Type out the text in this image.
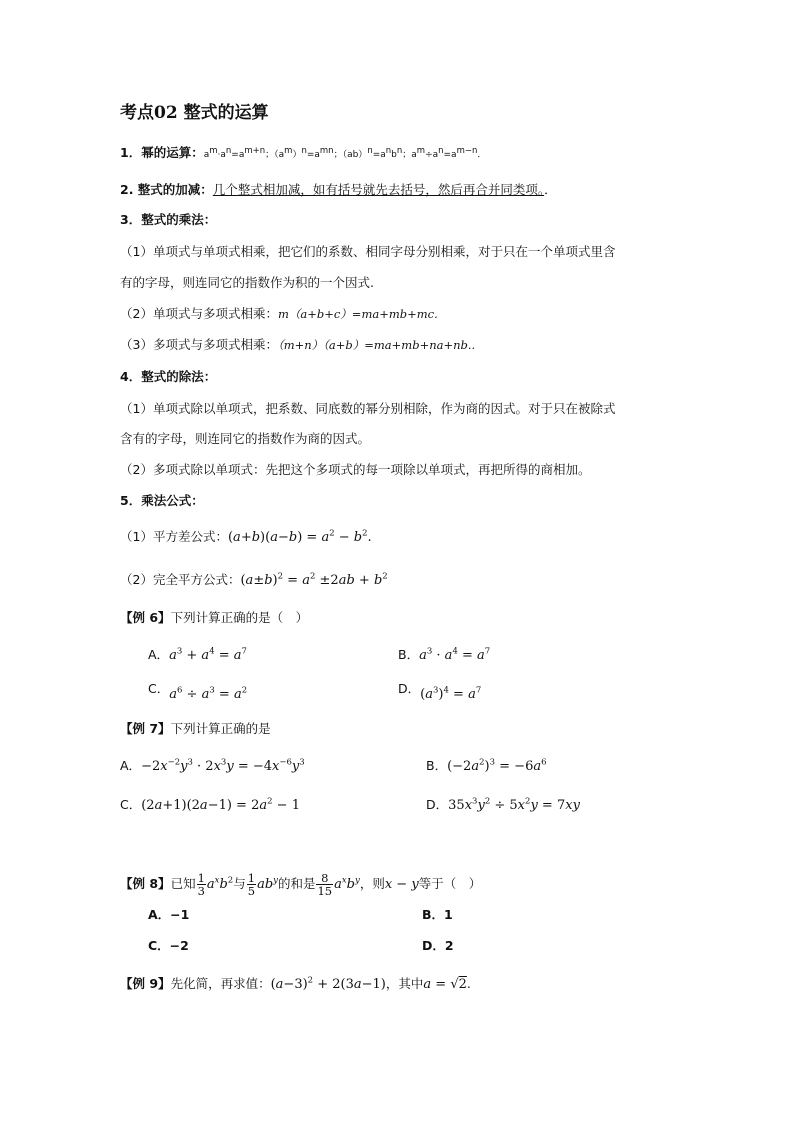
考点02 整式的运算
1．幂的运算：$a^m\cdot a^n=a^{m+n}$；$(a^m)^n=a^{mn}$；$(ab)^n=a^nb^n$；$a^m\div a^n=a^{m-n}$．
2. 整式的加减：几个整式相加减，如有括号就先去括号，然后再合并同类项。．
3．整式的乘法：
（1）单项式与单项式相乘，把它们的系数、相同字母分别相乘，对于只在一个单项式里含
有的字母，则连同它的指数作为积的一个因式.
（2）单项式与多项式相乘：m（a+b+c）=ma+mb+mc.
（3）多项式与多项式相乘：（m+n）（a+b）=ma+mb+na+nb..
4．整式的除法：
（1）单项式除以单项式，把系数、同底数的幂分别相除，作为商的因式。对于只在被除式
含有的字母，则连同它的指数作为商的因式。
（2）多项式除以单项式：先把这个多项式的每一项除以单项式，再把所得的商相加。
5．乘法公式：
（1）平方差公式：$(a+b)(a-b) = a^2 - b^2$.
（2）完全平方公式：$(a\pm b)^2 = a^2 \pm 2ab + b^2$
【例 6】下列计算正确的是（　）
A．$a^3 + a^4 = a^7$	B．$a^3 \cdot a^4 = a^7$
C．$a^6 \div a^3 = a^2$	D．$(a^3)^4 = a^7$
【例 7】下列计算正确的是
A．$-2x^{-2}y^3 \cdot 2x^3y = -4x^{-6}y^3$	B．$(-2a^2)^3 = -6a^6$
C．$(2a+1)(2a-1) = 2a^2 - 1$	D．$35x^3y^2 \div 5x^2y = 7xy$
【例 8】已知 $\frac{1}{3} a^xb^2$与 $\frac{1}{5} ab^y$的和是 $\frac{8}{15} a^xb^y$，则x − y等于（　）
A．−1	B．1
C．−2	D．2
【例 9】先化简，再求值：$(a-3)^2 + 2(3a-1)$，其中a = √2.
